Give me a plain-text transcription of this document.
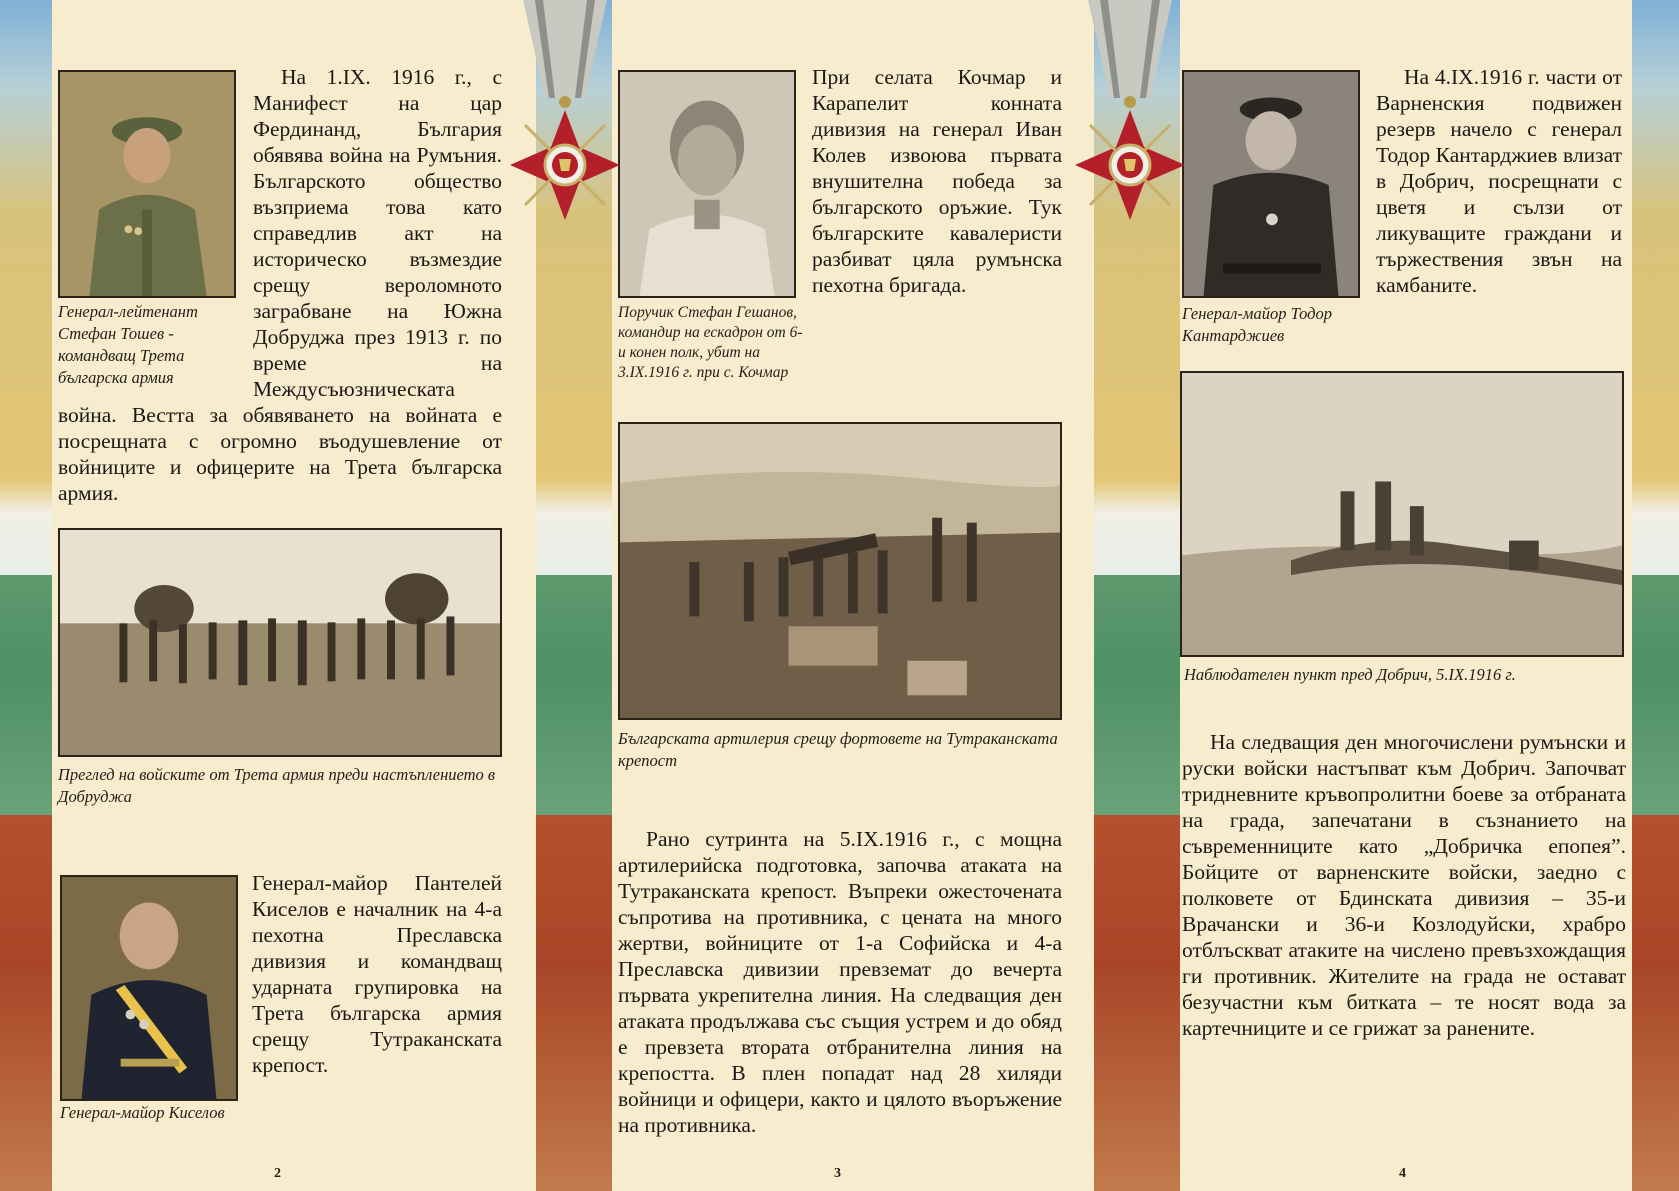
Генерал-лейтенант Стефан Тошев - командващ Трета българска армия

На 1.IX. 1916 г., с Манифест на цар Фердинанд, България обявява война на Румъния. Българското общество възприема това като справедлив акт на историческо възмездие срещу вероломното заграбване на Южна Добруджа през 1913 г. по време на Междусъюзническата война. Вестта за обявяването на войната е посрещната с огромно въодушевление от войниците и офицерите на Трета българска армия.

Преглед на войските от Трета армия преди настъплението в Добруджа
Генерал-майор Пантелей Киселов е началник на 4-а пехотна Преславска дивизия и командващ ударната групировка на Трета българска армия срещу Тутраканската крепост.
Генерал-майор Киселов
2
Поручик Стефан Гешанов, командир на ескадрон от 6-и конен полк, убит на 3.IX.1916 г. при с. Кочмар
При селата Кочмар и Карапелит конната дивизия на генерал Иван Колев извоюва първата внушителна победа за българското оръжие. Тук българските кавалеристи разбиват цяла румънска пехотна бригада.
Българската артилерия срещу фортовете на Тутраканската крепост

Рано сутринта на 5.IX.1916 г., с мощна артилерийска подготовка, започва атаката на Тутраканската крепост. Въпреки ожесточената съпротива на противника, с цената на много жертви, войниците от 1-а Софийска и 4-а Преславска дивизии превземат до вечерта първата укрепителна линия. На следващия ден атаката продължава със същия устрем и до обяд е превзета втората отбранителна линия на крепостта. В плен попадат над 28 хиляди войници и офицери, както и цялото въоръжение на противника.

3
Генерал-майор Тодор Кантарджиев

На 4.IX.1916 г. части от Варненския подвижен резерв начело с генерал Тодор Кантарджиев влизат в Добрич, посрещнати с цветя и сълзи от ликуващите граждани и тържествения звън на камбаните.

Наблюдателен пункт пред Добрич, 5.IX.1916 г.

На следващия ден многочислени румънски и руски войски настъпват към Добрич. Започват тридневните кръвопролитни боеве за отбраната на града, запечатани в съзнанието на съвременниците като „Добричка епопея”. Бойците от варненските войски, заедно с полковете от Бдинската дивизия – 35-и Врачански и 36-и Козлодуйски, храбро отблъскват атаките на числено превъзхождащия ги противник. Жителите на града не остават безучастни към битката – те носят вода за картечниците и се грижат за ранените.

4
